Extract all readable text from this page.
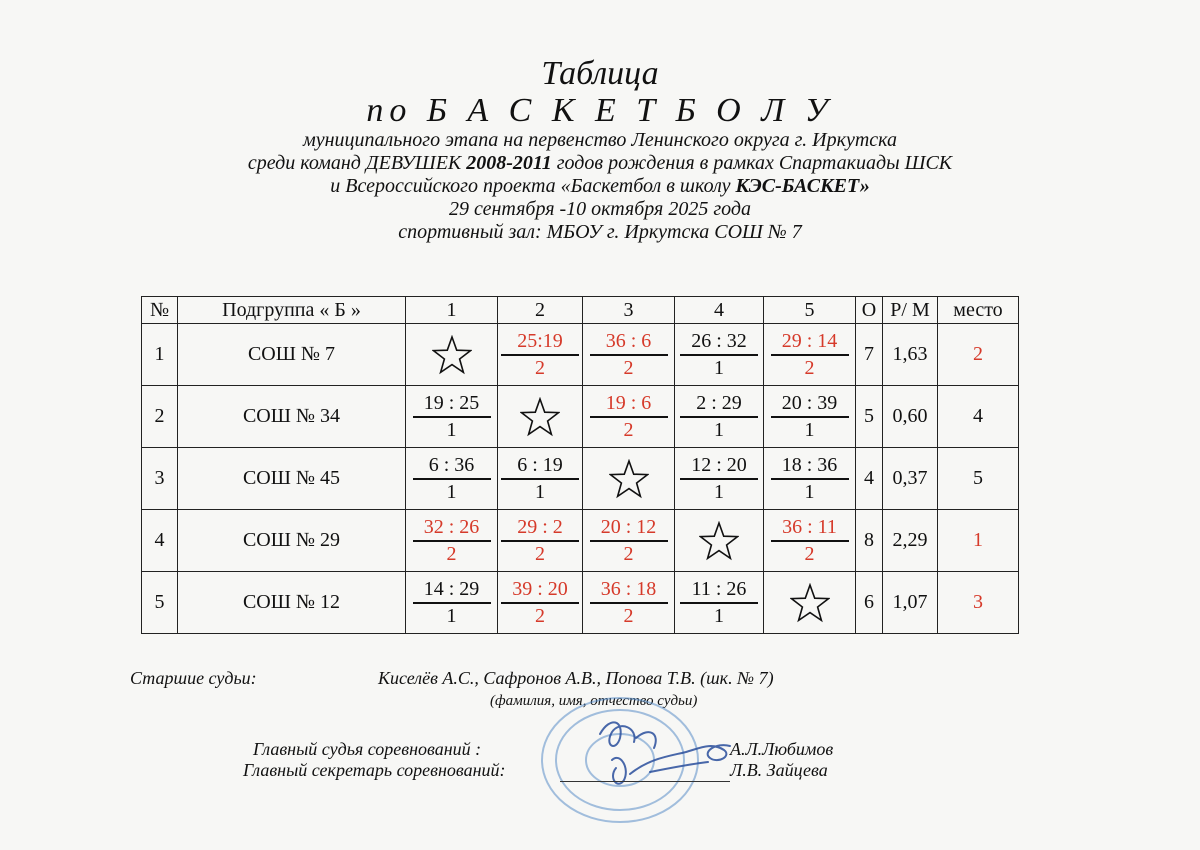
Таблица
по Б А С К Е Т Б О Л У
муниципального этапа на первенство Ленинского округа г. Иркутска
среди команд ДЕВУШЕК 2008-2011 годов рождения в рамках Спартакиады ШСК
и Всероссийского проекта «Баскетбол в школу КЭС-БАСКЕТ»
29 сентября -10 октября 2025 года
спортивный зал: МБОУ г. Иркутска СОШ № 7
№	Подгруппа « Б »	1	2	3	4	5	О	Р/ М	место
1	СОШ № 7		$\frac{25:19}{2}$	$\frac{36 : 6}{2}$	$\frac{26 : 32}{1}$	$\frac{29 : 14}{2}$	7	1,63	2
2	СОШ № 34	$\frac{19 : 25}{1}$		$\frac{19 : 6}{2}$	$\frac{2 : 29}{1}$	$\frac{20 : 39}{1}$	5	0,60	4
3	СОШ № 45	$\frac{6 : 36}{1}$	$\frac{6 : 19}{1}$		$\frac{12 : 20}{1}$	$\frac{18 : 36}{1}$	4	0,37	5
4	СОШ № 29	$\frac{32 : 26}{2}$	$\frac{29 : 2}{2}$	$\frac{20 : 12}{2}$		$\frac{36 : 11}{2}$	8	2,29	1
5	СОШ № 12	$\frac{14 : 29}{1}$	$\frac{39 : 20}{2}$	$\frac{36 : 18}{2}$	$\frac{11 : 26}{1}$		6	1,07	3
Старшие судьи:	Киселёв А.С., Сафронов А.В., Попова Т.В. (шк. № 7)
(фамилия, имя, отчество судьи)
Главный судья соревнований :	А.Л.Любимов
Главный секретарь соревнований:	Л.В. Зайцева
